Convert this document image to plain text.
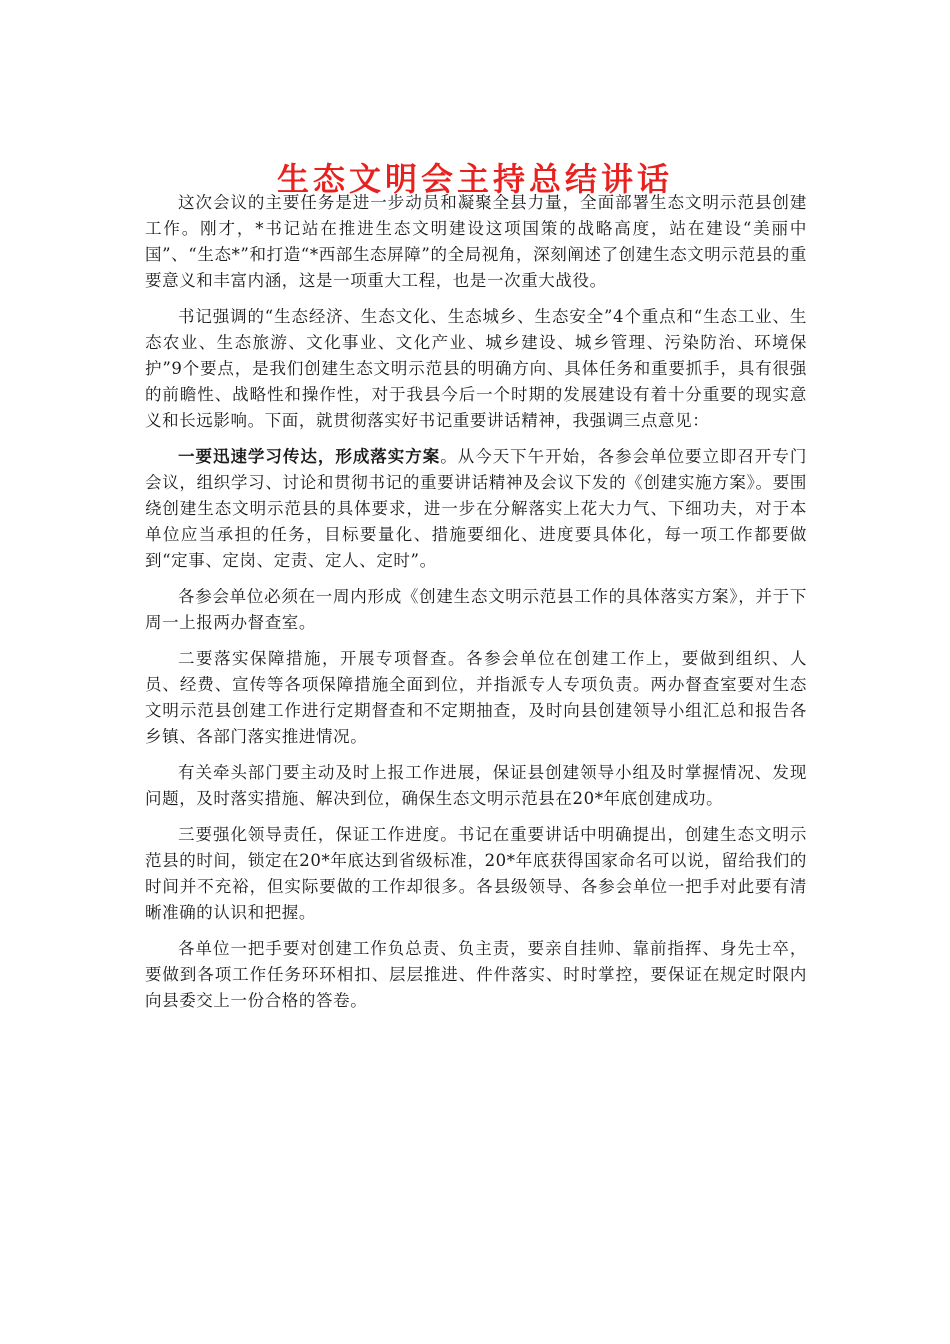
生态文明会主持总结讲话

这次会议的主要任务是进一步动员和凝聚全县力量，全面部署生态文明示范县创建工作。刚才，*书记站在推进生态文明建设这项国策的战略高度，站在建设“美丽中国”、“生态*”和打造“*西部生态屏障”的全局视角，深刻阐述了创建生态文明示范县的重要意义和丰富内涵，这是一项重大工程，也是一次重大战役。

书记强调的“生态经济、生态文化、生态城乡、生态安全”4个重点和“生态工业、生态农业、生态旅游、文化事业、文化产业、城乡建设、城乡管理、污染防治、环境保护”9个要点，是我们创建生态文明示范县的明确方向、具体任务和重要抓手，具有很强的前瞻性、战略性和操作性，对于我县今后一个时期的发展建设有着十分重要的现实意义和长远影响。下面，就贯彻落实好书记重要讲话精神，我强调三点意见：

一要迅速学习传达，形成落实方案。从今天下午开始，各参会单位要立即召开专门会议，组织学习、讨论和贯彻书记的重要讲话精神及会议下发的《创建实施方案》。要围绕创建生态文明示范县的具体要求，进一步在分解落实上花大力气、下细功夫，对于本单位应当承担的任务，目标要量化、措施要细化、进度要具体化，每一项工作都要做到“定事、定岗、定责、定人、定时”。

各参会单位必须在一周内形成《创建生态文明示范县工作的具体落实方案》，并于下周一上报两办督查室。

二要落实保障措施，开展专项督查。各参会单位在创建工作上，要做到组织、人员、经费、宣传等各项保障措施全面到位，并指派专人专项负责。两办督查室要对生态文明示范县创建工作进行定期督查和不定期抽查，及时向县创建领导小组汇总和报告各乡镇、各部门落实推进情况。

有关牵头部门要主动及时上报工作进展，保证县创建领导小组及时掌握情况、发现问题，及时落实措施、解决到位，确保生态文明示范县在20*年底创建成功。

三要强化领导责任，保证工作进度。书记在重要讲话中明确提出，创建生态文明示范县的时间，锁定在20*年底达到省级标准，20*年底获得国家命名可以说，留给我们的时间并不充裕，但实际要做的工作却很多。各县级领导、各参会单位一把手对此要有清晰准确的认识和把握。

各单位一把手要对创建工作负总责、负主责，要亲自挂帅、靠前指挥、身先士卒，要做到各项工作任务环环相扣、层层推进、件件落实、时时掌控，要保证在规定时限内向县委交上一份合格的答卷。
